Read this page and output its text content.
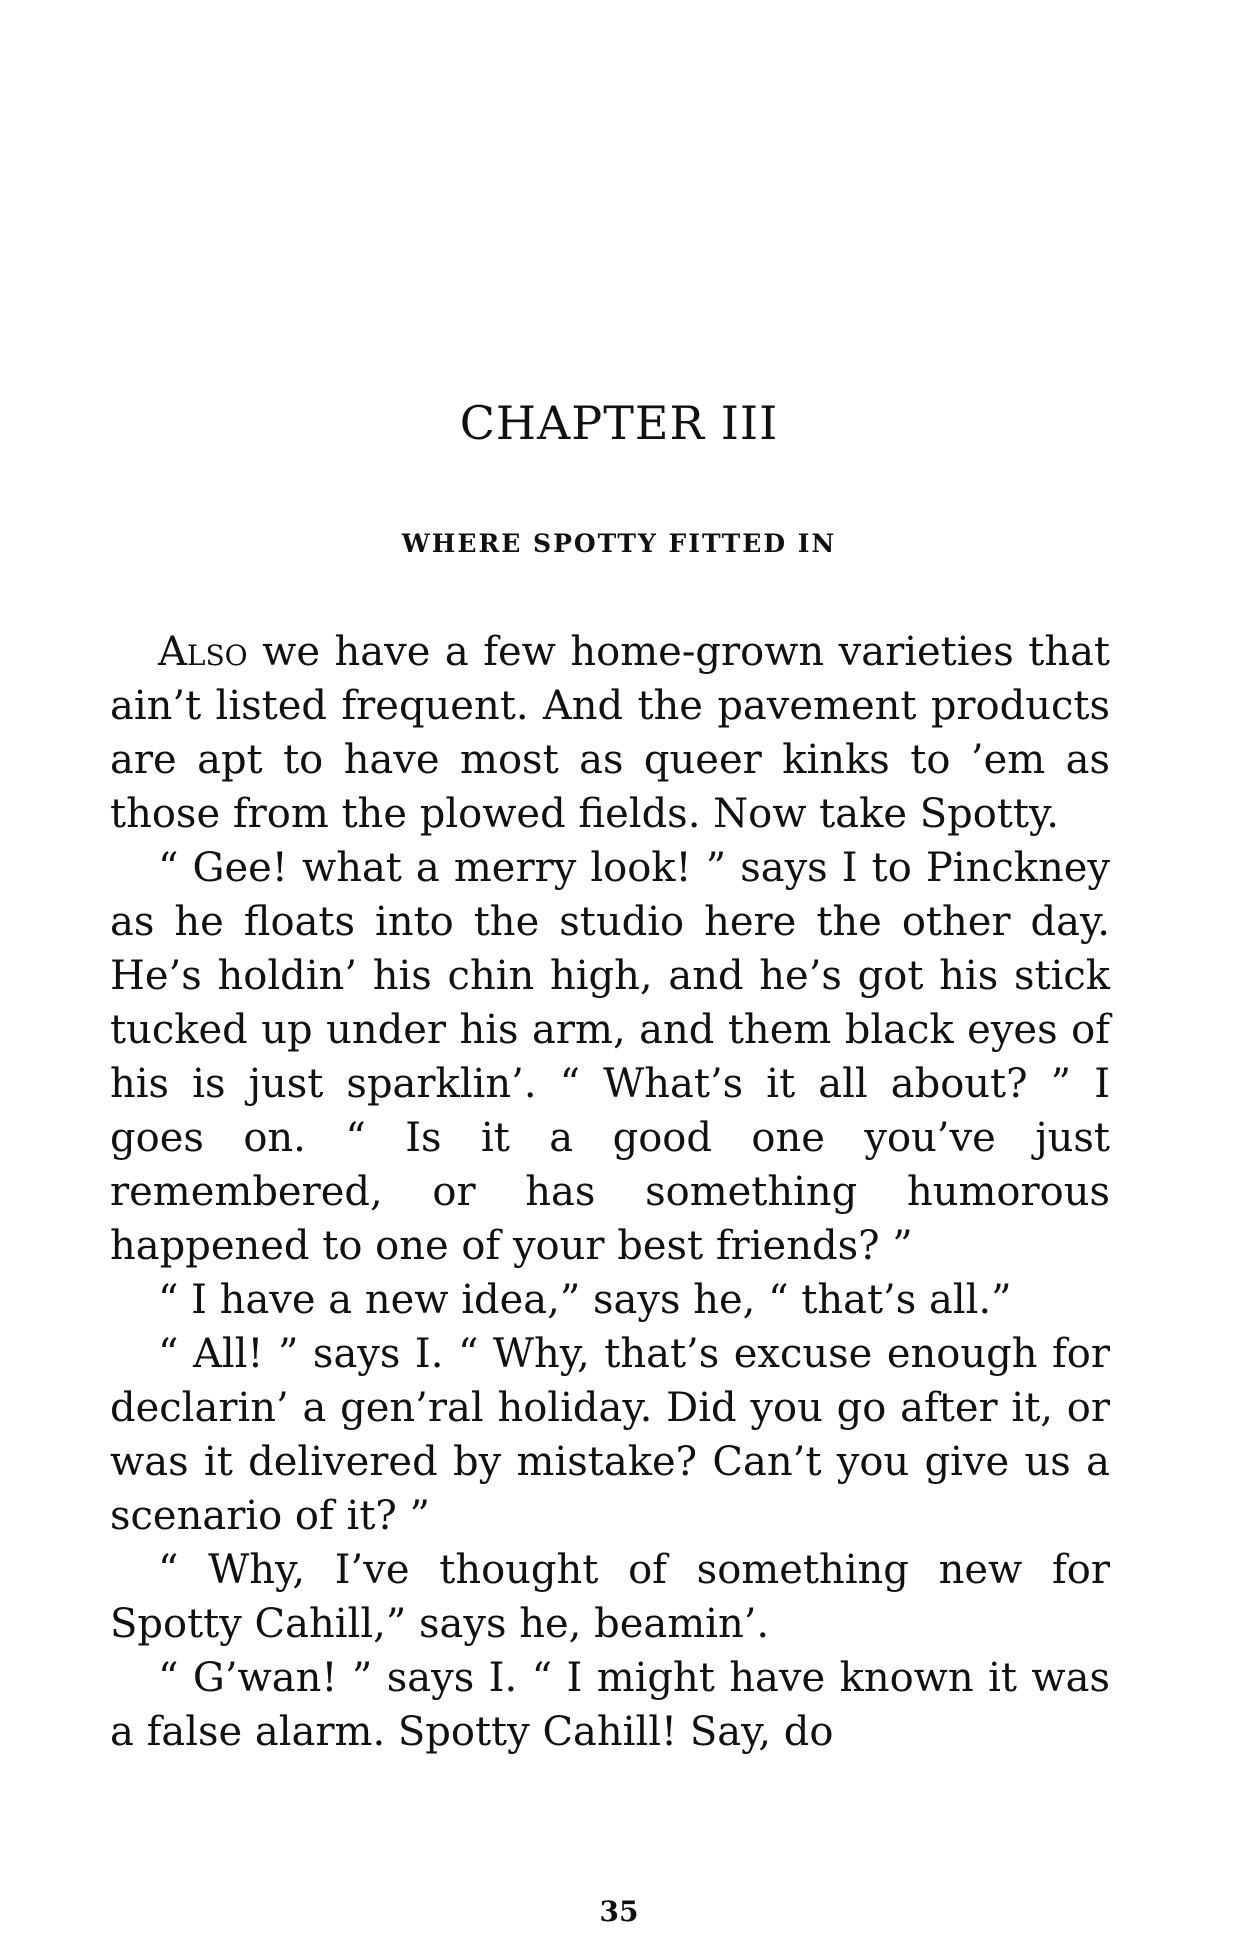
CHAPTER III
WHERE SPOTTY FITTED IN

Also we have a few home-grown varieties that ain’t listed frequent. And the pavement products are apt to have most as queer kinks to ’em as those from the plowed fields. Now take Spotty.

“ Gee! what a merry look! ” says I to Pinckney as he floats into the studio here the other day. He’s holdin’ his chin high, and he’s got his stick tucked up under his arm, and them black eyes of his is just sparklin’. “ What’s it all about? ” I goes on. “ Is it a good one you’ve just remembered, or has something humorous happened to one of your best friends? ”

“ I have a new idea,” says he, “ that’s all.”

“ All! ” says I. “ Why, that’s excuse enough for declarin’ a gen’ral holiday. Did you go after it, or was it delivered by mistake? Can’t you give us a scenario of it? ”

“ Why, I’ve thought of something new for Spotty Cahill,” says he, beamin’.

“ G’wan! ” says I. “ I might have known it was a false alarm. Spotty Cahill! Say, do

35
